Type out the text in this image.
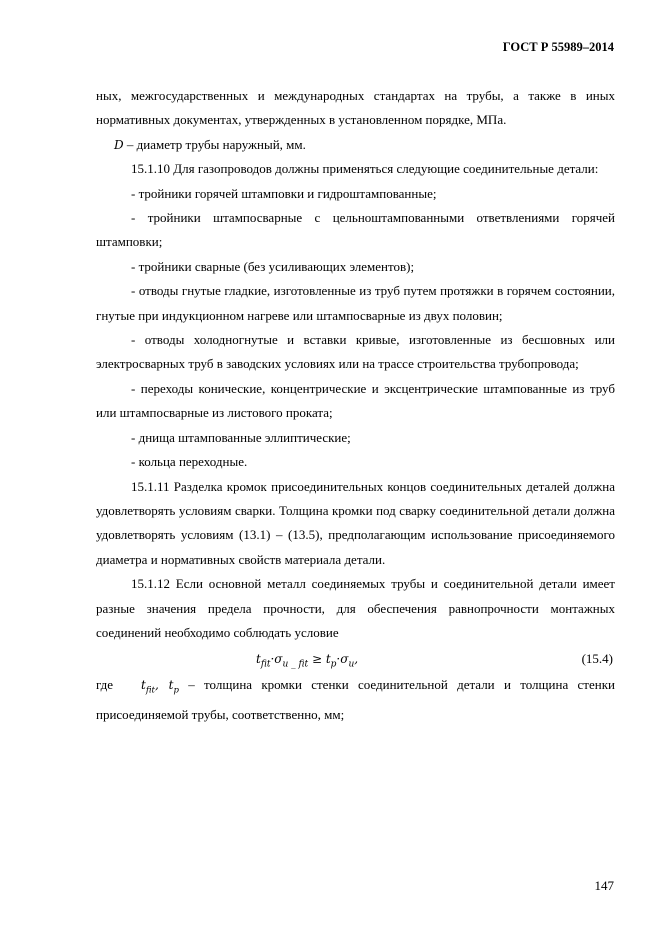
ГОСТ Р 55989–2014

ных, межгосударственных и международных стандартах на трубы, а также в иных нормативных документах, утвержденных в установленном порядке, МПа.

D – диаметр трубы наружный, мм.

15.1.10 Для газопроводов должны применяться следующие соединительные детали:

- тройники горячей штамповки и гидроштампованные;

- тройники штампосварные с цельноштампованными ответвлениями горячей штамповки;

- тройники сварные (без усиливающих элементов);

- отводы гнутые гладкие, изготовленные из труб путем протяжки в горячем состоянии, гнутые при индукционном нагреве или штампосварные из двух половин;

- отводы холодногнутые и вставки кривые, изготовленные из бесшовных или электросварных труб в заводских условиях или на трассе строительства трубопровода;

- переходы конические, концентрические и эксцентрические штампованные из труб или штампосварные из листового проката;

- днища штампованные эллиптические;

- кольца переходные.

15.1.11 Разделка кромок присоединительных концов соединительных деталей должна удовлетворять условиям сварки. Толщина кромки под сварку соединительной детали должна удовлетворять условиям (13.1) – (13.5), предполагающим использование присоединяемого диаметра и нормативных свойств материала детали.

15.1.12 Если основной металл соединяемых трубы и соединительной детали имеет разные значения предела прочности, для обеспечения равнопрочности монтажных соединений необходимо соблюдать условие

$t_{fit}\cdot\sigma_{u \_ fit} \ge t_p\cdot\sigma_u$,	(15.4)

где $t_{fit}$, $t_p$ – толщина кромки стенки соединительной детали и толщина стенки присоединяемой трубы, соответственно, мм;

147
